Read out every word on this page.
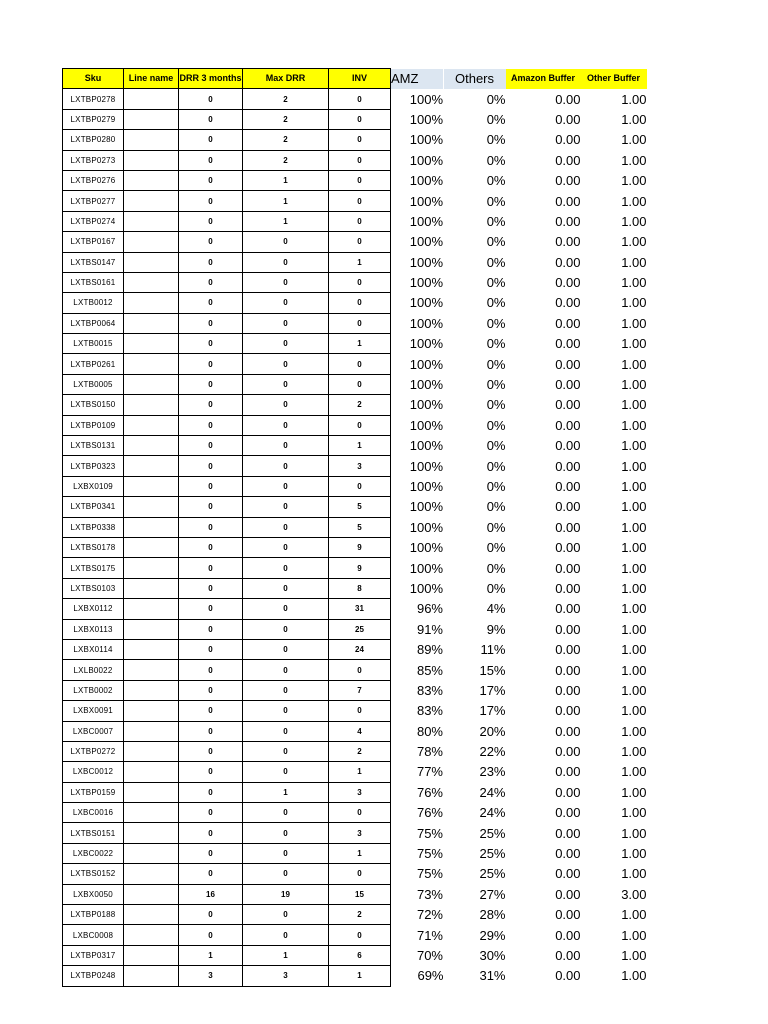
Sku	Line name	DRR 3 months	Max DRR	INV	AMZ	Others	Amazon Buffer	Other Buffer
LXTBP0278		0	2	0	100%	0%	0.00	1.00
LXTBP0279		0	2	0	100%	0%	0.00	1.00
LXTBP0280		0	2	0	100%	0%	0.00	1.00
LXTBP0273		0	2	0	100%	0%	0.00	1.00
LXTBP0276		0	1	0	100%	0%	0.00	1.00
LXTBP0277		0	1	0	100%	0%	0.00	1.00
LXTBP0274		0	1	0	100%	0%	0.00	1.00
LXTBP0167		0	0	0	100%	0%	0.00	1.00
LXTBS0147		0	0	1	100%	0%	0.00	1.00
LXTBS0161		0	0	0	100%	0%	0.00	1.00
LXTB0012		0	0	0	100%	0%	0.00	1.00
LXTBP0064		0	0	0	100%	0%	0.00	1.00
LXTB0015		0	0	1	100%	0%	0.00	1.00
LXTBP0261		0	0	0	100%	0%	0.00	1.00
LXTB0005		0	0	0	100%	0%	0.00	1.00
LXTBS0150		0	0	2	100%	0%	0.00	1.00
LXTBP0109		0	0	0	100%	0%	0.00	1.00
LXTBS0131		0	0	1	100%	0%	0.00	1.00
LXTBP0323		0	0	3	100%	0%	0.00	1.00
LXBX0109		0	0	0	100%	0%	0.00	1.00
LXTBP0341		0	0	5	100%	0%	0.00	1.00
LXTBP0338		0	0	5	100%	0%	0.00	1.00
LXTBS0178		0	0	9	100%	0%	0.00	1.00
LXTBS0175		0	0	9	100%	0%	0.00	1.00
LXTBS0103		0	0	8	100%	0%	0.00	1.00
LXBX0112		0	0	31	96%	4%	0.00	1.00
LXBX0113		0	0	25	91%	9%	0.00	1.00
LXBX0114		0	0	24	89%	11%	0.00	1.00
LXLB0022		0	0	0	85%	15%	0.00	1.00
LXTB0002		0	0	7	83%	17%	0.00	1.00
LXBX0091		0	0	0	83%	17%	0.00	1.00
LXBC0007		0	0	4	80%	20%	0.00	1.00
LXTBP0272		0	0	2	78%	22%	0.00	1.00
LXBC0012		0	0	1	77%	23%	0.00	1.00
LXTBP0159		0	1	3	76%	24%	0.00	1.00
LXBC0016		0	0	0	76%	24%	0.00	1.00
LXTBS0151		0	0	3	75%	25%	0.00	1.00
LXBC0022		0	0	1	75%	25%	0.00	1.00
LXTBS0152		0	0	0	75%	25%	0.00	1.00
LXBX0050		16	19	15	73%	27%	0.00	3.00
LXTBP0188		0	0	2	72%	28%	0.00	1.00
LXBC0008		0	0	0	71%	29%	0.00	1.00
LXTBP0317		1	1	6	70%	30%	0.00	1.00
LXTBP0248		3	3	1	69%	31%	0.00	1.00
